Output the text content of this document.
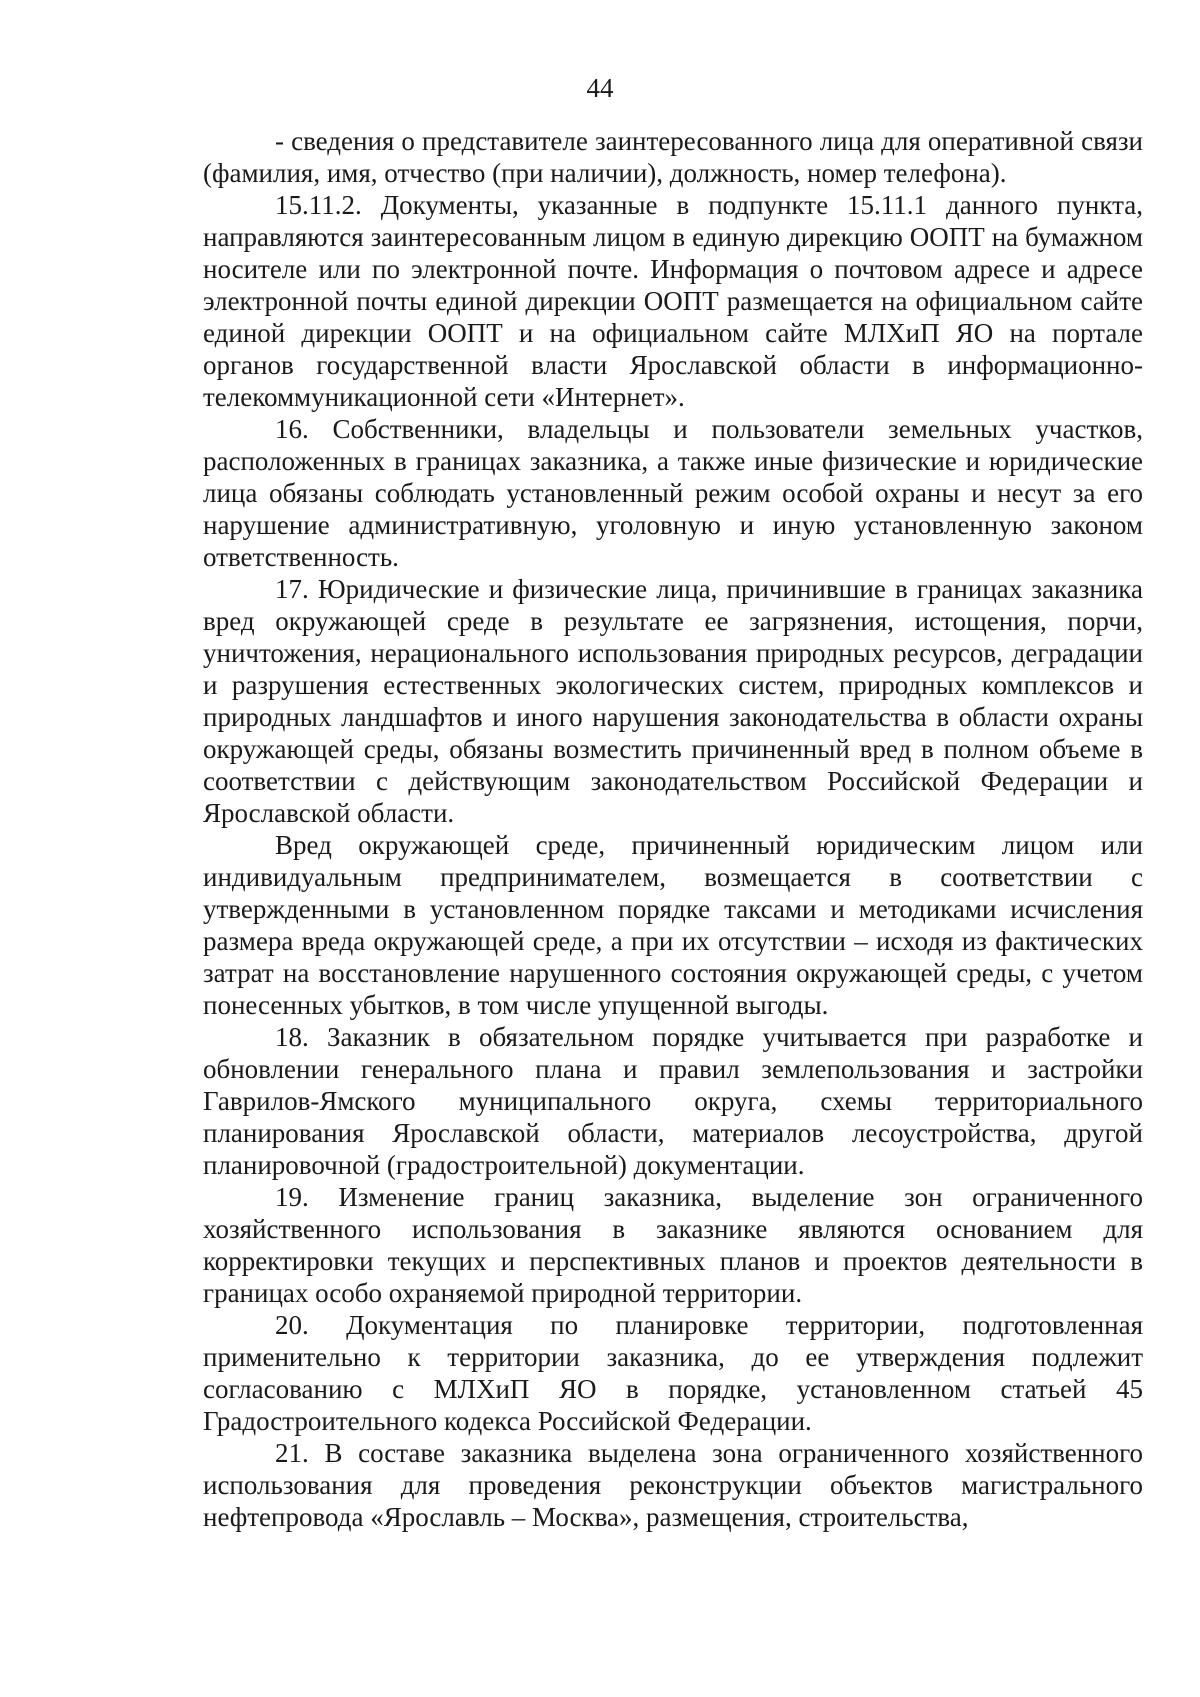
44

- сведения о представителе заинтересованного лица для оперативной связи (фамилия, имя, отчество (при наличии), должность, номер телефона).

15.11.2. Документы, указанные в подпункте 15.11.1 данного пункта, направляются заинтересованным лицом в единую дирекцию ООПТ на бумажном носителе или по электронной почте. Информация о почтовом адресе и адресе электронной почты единой дирекции ООПТ размещается на официальном сайте единой дирекции ООПТ и на официальном сайте МЛХиП ЯО на портале органов государственной власти Ярославской области в информационно-телекоммуникационной сети «Интернет».

16. Собственники, владельцы и пользователи земельных участков, расположенных в границах заказника, а также иные физические и юридические лица обязаны соблюдать установленный режим особой охраны и несут за его нарушение административную, уголовную и иную установленную законом ответственность.

17. Юридические и физические лица, причинившие в границах заказника вред окружающей среде в результате ее загрязнения, истощения, порчи, уничтожения, нерационального использования природных ресурсов, деградации и разрушения естественных экологических систем, природных комплексов и природных ландшафтов и иного нарушения законодательства в области охраны окружающей среды, обязаны возместить причиненный вред в полном объеме в соответствии с действующим законодательством Российской Федерации и Ярославской области.

Вред окружающей среде, причиненный юридическим лицом или индивидуальным предпринимателем, возмещается в соответствии с утвержденными в установленном порядке таксами и методиками исчисления размера вреда окружающей среде, а при их отсутствии – исходя из фактических затрат на восстановление нарушенного состояния окружающей среды, с учетом понесенных убытков, в том числе упущенной выгоды.

18. Заказник в обязательном порядке учитывается при разработке и обновлении генерального плана и правил землепользования и застройки Гаврилов-Ямского муниципального округа, схемы территориального планирования Ярославской области, материалов лесоустройства, другой планировочной (градостроительной) документации.

19. Изменение границ заказника, выделение зон ограниченного хозяйственного использования в заказнике являются основанием для корректировки текущих и перспективных планов и проектов деятельности в границах особо охраняемой природной территории.

20. Документация по планировке территории, подготовленная применительно к территории заказника, до ее утверждения подлежит согласованию с МЛХиП ЯО в порядке, установленном статьей 45 Градостроительного кодекса Российской Федерации.

21. В составе заказника выделена зона ограниченного хозяйственного использования для проведения реконструкции объектов магистрального нефтепровода «Ярославль – Москва», размещения, строительства,
